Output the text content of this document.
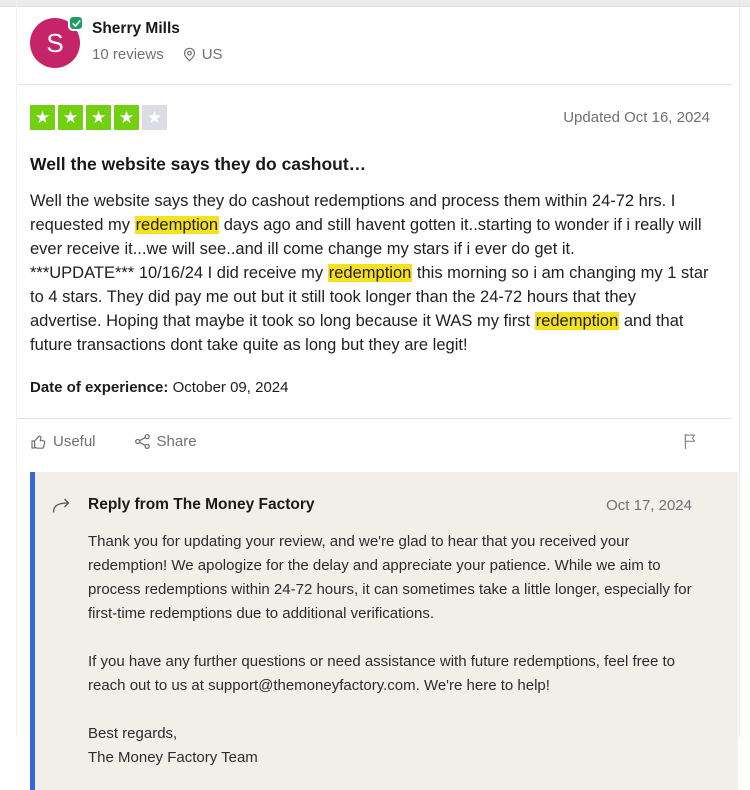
S	Sherry Mills
10 reviews	US
★ ★ ★ ★ ★	Updated Oct 16, 2024
Well the website says they do cashout…
Well the website says they do cashout redemptions and process them within 24-72 hrs. I requested my redemption days ago and still havent gotten it..starting to wonder if i really will ever receive it...we will see..and ill come change my stars if i ever do get it.
***UPDATE*** 10/16/24 I did receive my redemption this morning so i am changing my 1 star to 4 stars. They did pay me out but it still took longer than the 24-72 hours that they advertise. Hoping that maybe it took so long because it WAS my first redemption and that future transactions dont take quite as long but they are legit!
Date of experience: October 09, 2024
Useful	Share
Reply from The Money Factory	Oct 17, 2024

Thank you for updating your review, and we're glad to hear that you received your redemption! We apologize for the delay and appreciate your patience. While we aim to process redemptions within 24-72 hours, it can sometimes take a little longer, especially for first-time redemptions due to additional verifications.

If you have any further questions or need assistance with future redemptions, feel free to reach out to us at support@themoneyfactory.com. We're here to help!

Best regards,
The Money Factory Team
